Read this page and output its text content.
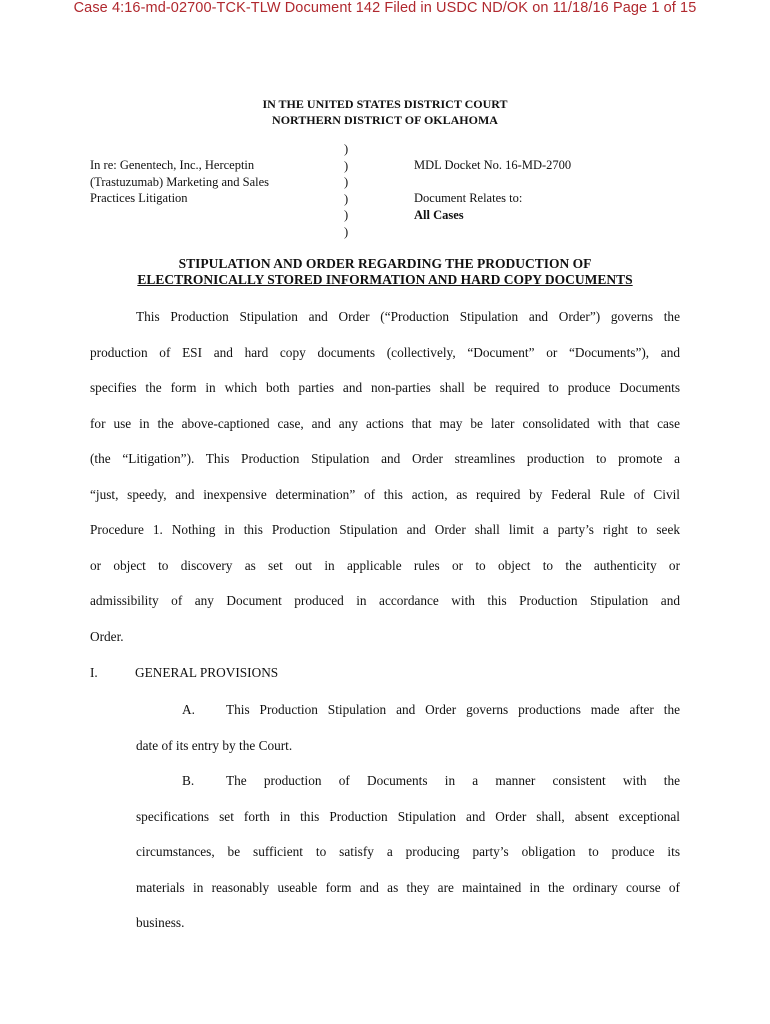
Case 4:16-md-02700-TCK-TLW Document 142 Filed in USDC ND/OK on 11/18/16 Page 1 of 15
IN THE UNITED STATES DISTRICT COURT
NORTHERN DISTRICT OF OKLAHOMA
In re: Genentech, Inc., Herceptin
(Trastuzumab) Marketing and Sales
Practices Litigation
)
)
)
)
)
)
MDL Docket No. 16-MD-2700
Document Relates to:
All Cases
STIPULATION AND ORDER REGARDING THE PRODUCTION OF
ELECTRONICALLY STORED INFORMATION AND HARD COPY DOCUMENTS
This Production Stipulation and Order (“Production Stipulation and Order”) governs the
production of ESI and hard copy documents (collectively, “Document” or “Documents”), and
specifies the form in which both parties and non-parties shall be required to produce Documents
for use in the above-captioned case, and any actions that may be later consolidated with that case
(the “Litigation”). This Production Stipulation and Order streamlines production to promote a
“just, speedy, and inexpensive determination” of this action, as required by Federal Rule of Civil
Procedure 1. Nothing in this Production Stipulation and Order shall limit a party’s right to seek
or object to discovery as set out in applicable rules or to object to the authenticity or
admissibility of any Document produced in accordance with this Production Stipulation and
Order.
I.	GENERAL PROVISIONS
A. This Production Stipulation and Order governs productions made after the
date of its entry by the Court.
B. The production of Documents in a manner consistent with the
specifications set forth in this Production Stipulation and Order shall, absent exceptional
circumstances, be sufficient to satisfy a producing party’s obligation to produce its
materials in reasonably useable form and as they are maintained in the ordinary course of
business.
